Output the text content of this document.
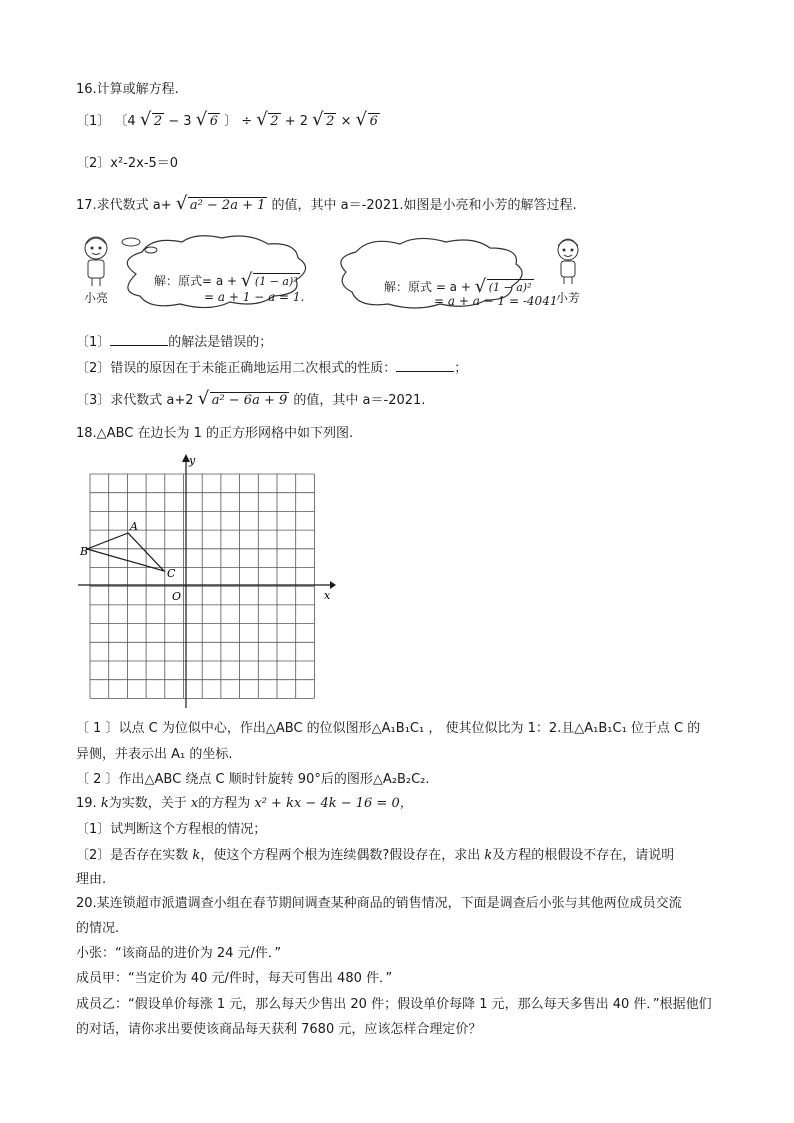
16.计算或解方程.
〔1〕 〔4 √ 2 − 3 √ 6 〕 ÷ √ 2 + 2 √ 2 × √ 6
〔2〕x²-2x-5＝0
17.求代数式 a+ √ a² − 2a + 1 的值，其中 a＝-2021.如图是小亮和小芳的解答过程.
小亮	小芳
解：原式= a + √ (1 − a)²
= a + 1 − a = 1.
解：原式 = a + √ (1 − a)²
= a + a − 1 = -4041
〔1〕	的解法是错误的；
〔2〕错误的原因在于未能正确地运用二次根式的性质：	；
〔3〕求代数式 a+2 √ a² − 6a + 9 的值，其中 a＝-2021.
18.△ABC 在边长为 1 的正方形网格中如下列图.
y
x
O
A
B
C
〔 1 〕以点 C 为位似中心，作出△ABC 的位似图形△A₁B₁C₁ ， 使其位似比为 1：2.且△A₁B₁C₁ 位于点 C 的
异侧，并表示出 A₁ 的坐标.
〔 2 〕作出△ABC 绕点 C 顺时针旋转 90°后的图形△A₂B₂C₂.
19. k为实数，关于 x的方程为 x² + kx − 4k − 16 = 0，
〔1〕试判断这个方程根的情况；
〔2〕是否存在实数 k，使这个方程两个根为连续偶数?假设存在，求出 k及方程的根假设不存在，请说明
理由.
20.某连锁超市派遣调查小组在春节期间调查某种商品的销售情况，下面是调查后小张与其他两位成员交流
的情况.
小张：“该商品的进价为 24 元/件．”
成员甲：“当定价为 40 元/件时，每天可售出 480 件．”
成员乙：“假设单价每涨 1 元，那么每天少售出 20 件；假设单价每降 1 元，那么每天多售出 40 件．”根据他们
的对话，请你求出要使该商品每天获利 7680 元，应该怎样合理定价？
